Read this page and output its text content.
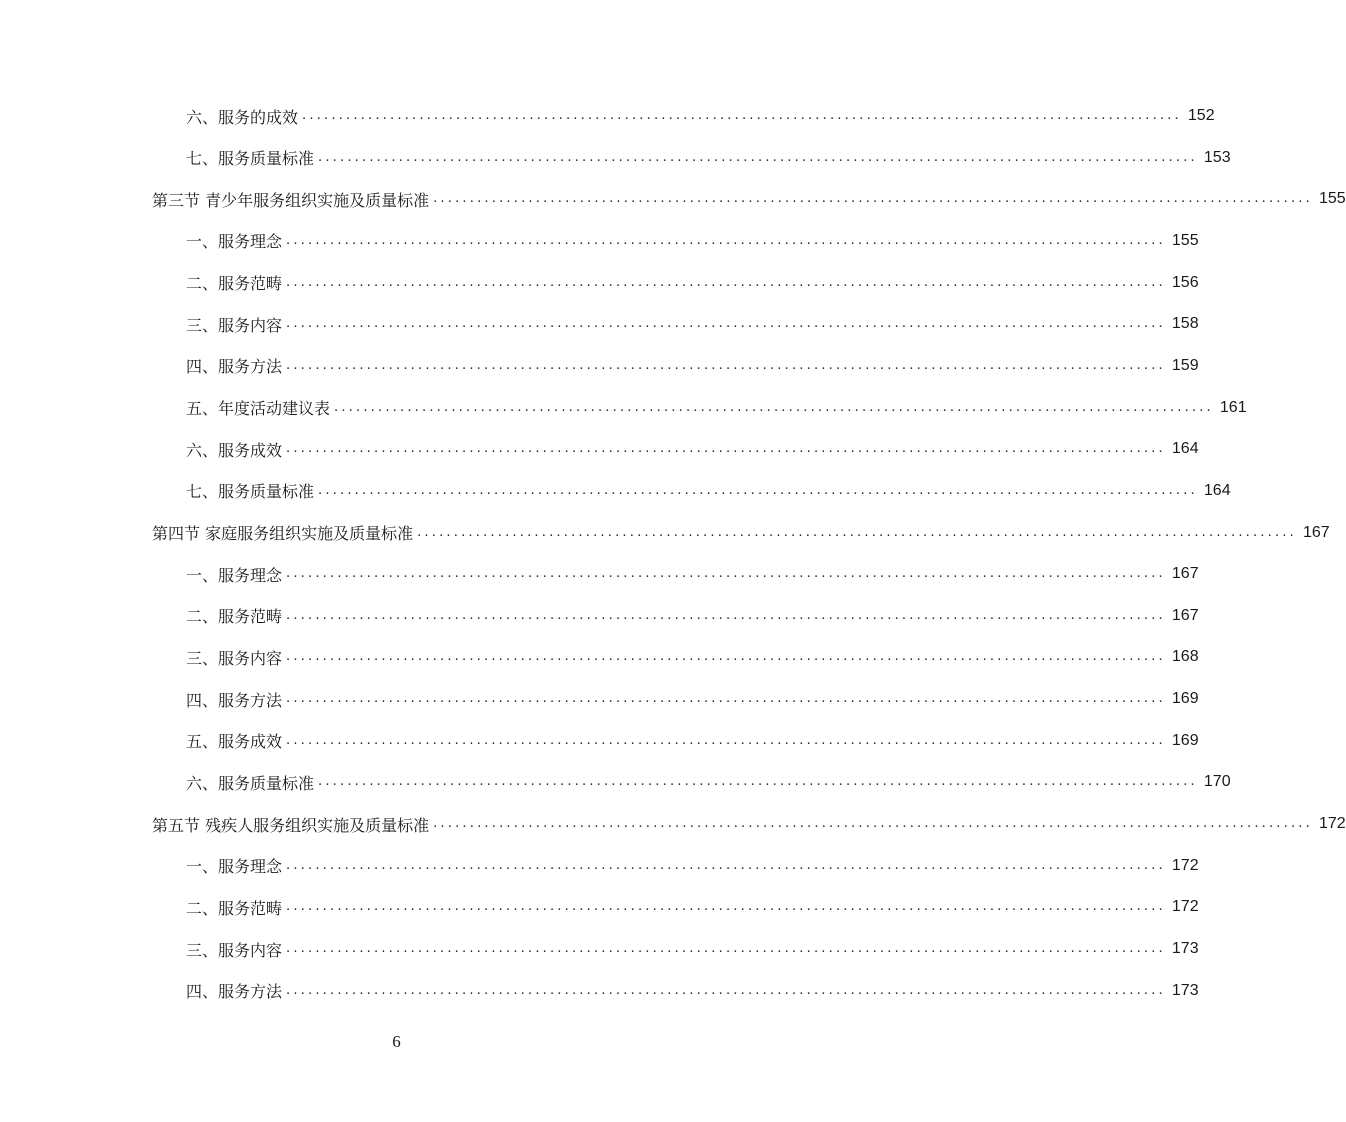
六、服务的成效 ........................................................................................................................ 152
七、服务质量标准 ........................................................................................................................ 153
第三节 青少年服务组织实施及质量标准 ........................................................................................................................ 155
一、服务理念 ........................................................................................................................ 155
二、服务范畴 ........................................................................................................................ 156
三、服务内容 ........................................................................................................................ 158
四、服务方法 ........................................................................................................................ 159
五、年度活动建议表 ........................................................................................................................ 161
六、服务成效 ........................................................................................................................ 164
七、服务质量标准 ........................................................................................................................ 164
第四节 家庭服务组织实施及质量标准 ........................................................................................................................ 167
一、服务理念 ........................................................................................................................ 167
二、服务范畴 ........................................................................................................................ 167
三、服务内容 ........................................................................................................................ 168
四、服务方法 ........................................................................................................................ 169
五、服务成效 ........................................................................................................................ 169
六、服务质量标准 ........................................................................................................................ 170
第五节 残疾人服务组织实施及质量标准 ........................................................................................................................ 172
一、服务理念 ........................................................................................................................ 172
二、服务范畴 ........................................................................................................................ 172
三、服务内容 ........................................................................................................................ 173
四、服务方法 ........................................................................................................................ 173
6
